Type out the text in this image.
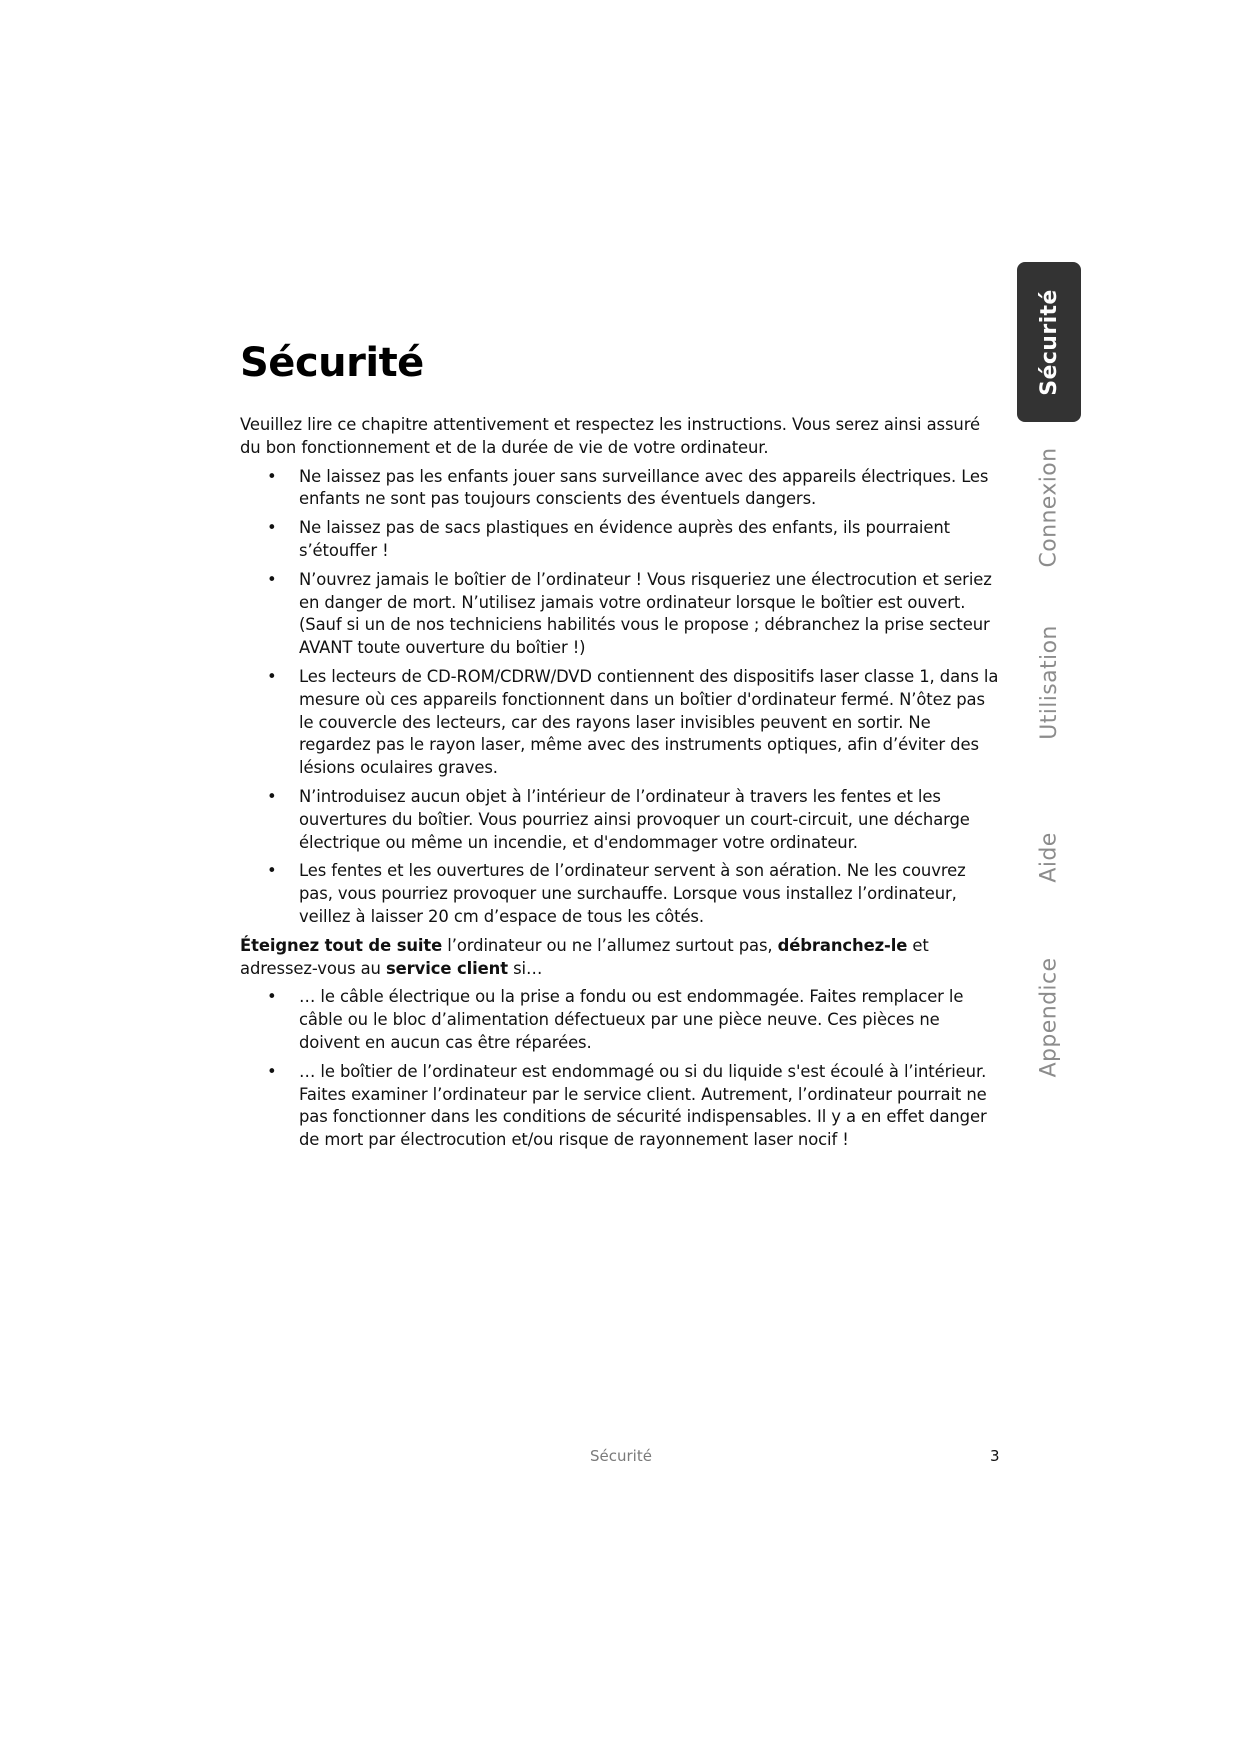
Sécurité

Veuillez lire ce chapitre attentivement et respectez les instructions. Vous serez ainsi assuré du bon fonctionnement et de la durée de vie de votre ordinateur.

• Ne laissez pas les enfants jouer sans surveillance avec des appareils électriques. Les enfants ne sont pas toujours conscients des éventuels dangers.
• Ne laissez pas de sacs plastiques en évidence auprès des enfants, ils pourraient s’étouffer !
• N’ouvrez jamais le boîtier de l’ordinateur ! Vous risqueriez une électrocution et seriez en danger de mort. N’utilisez jamais votre ordinateur lorsque le boîtier est ouvert. (Sauf si un de nos techniciens habilités vous le propose ; débranchez la prise secteur AVANT toute ouverture du boîtier !)
• Les lecteurs de CD-ROM/CDRW/DVD contiennent des dispositifs laser classe 1, dans la mesure où ces appareils fonctionnent dans un boîtier d'ordinateur fermé. N’ôtez pas le couvercle des lecteurs, car des rayons laser invisibles peuvent en sortir. Ne regardez pas le rayon laser, même avec des instruments optiques, afin d’éviter des lésions oculaires graves.
• N’introduisez aucun objet à l’intérieur de l’ordinateur à travers les fentes et les ouvertures du boîtier. Vous pourriez ainsi provoquer un court-circuit, une décharge électrique ou même un incendie, et d'endommager votre ordinateur.
• Les fentes et les ouvertures de l’ordinateur servent à son aération. Ne les couvrez pas, vous pourriez provoquer une surchauffe. Lorsque vous installez l’ordinateur, veillez à laisser 20 cm d’espace de tous les côtés.

Éteignez tout de suite l’ordinateur ou ne l’allumez surtout pas, débranchez-le et adressez-vous au service client si…

• … le câble électrique ou la prise a fondu ou est endommagée. Faites remplacer le câble ou le bloc d’alimentation défectueux par une pièce neuve. Ces pièces ne doivent en aucun cas être réparées.
• … le boîtier de l’ordinateur est endommagé ou si du liquide s'est écoulé à l’intérieur. Faites examiner l’ordinateur par le service client. Autrement, l’ordinateur pourrait ne pas fonctionner dans les conditions de sécurité indispensables. Il y a en effet danger de mort par électrocution et/ou risque de rayonnement laser nocif !
Sécurité
Connexion
Utilisation
Aide
Appendice
Sécurité	3
